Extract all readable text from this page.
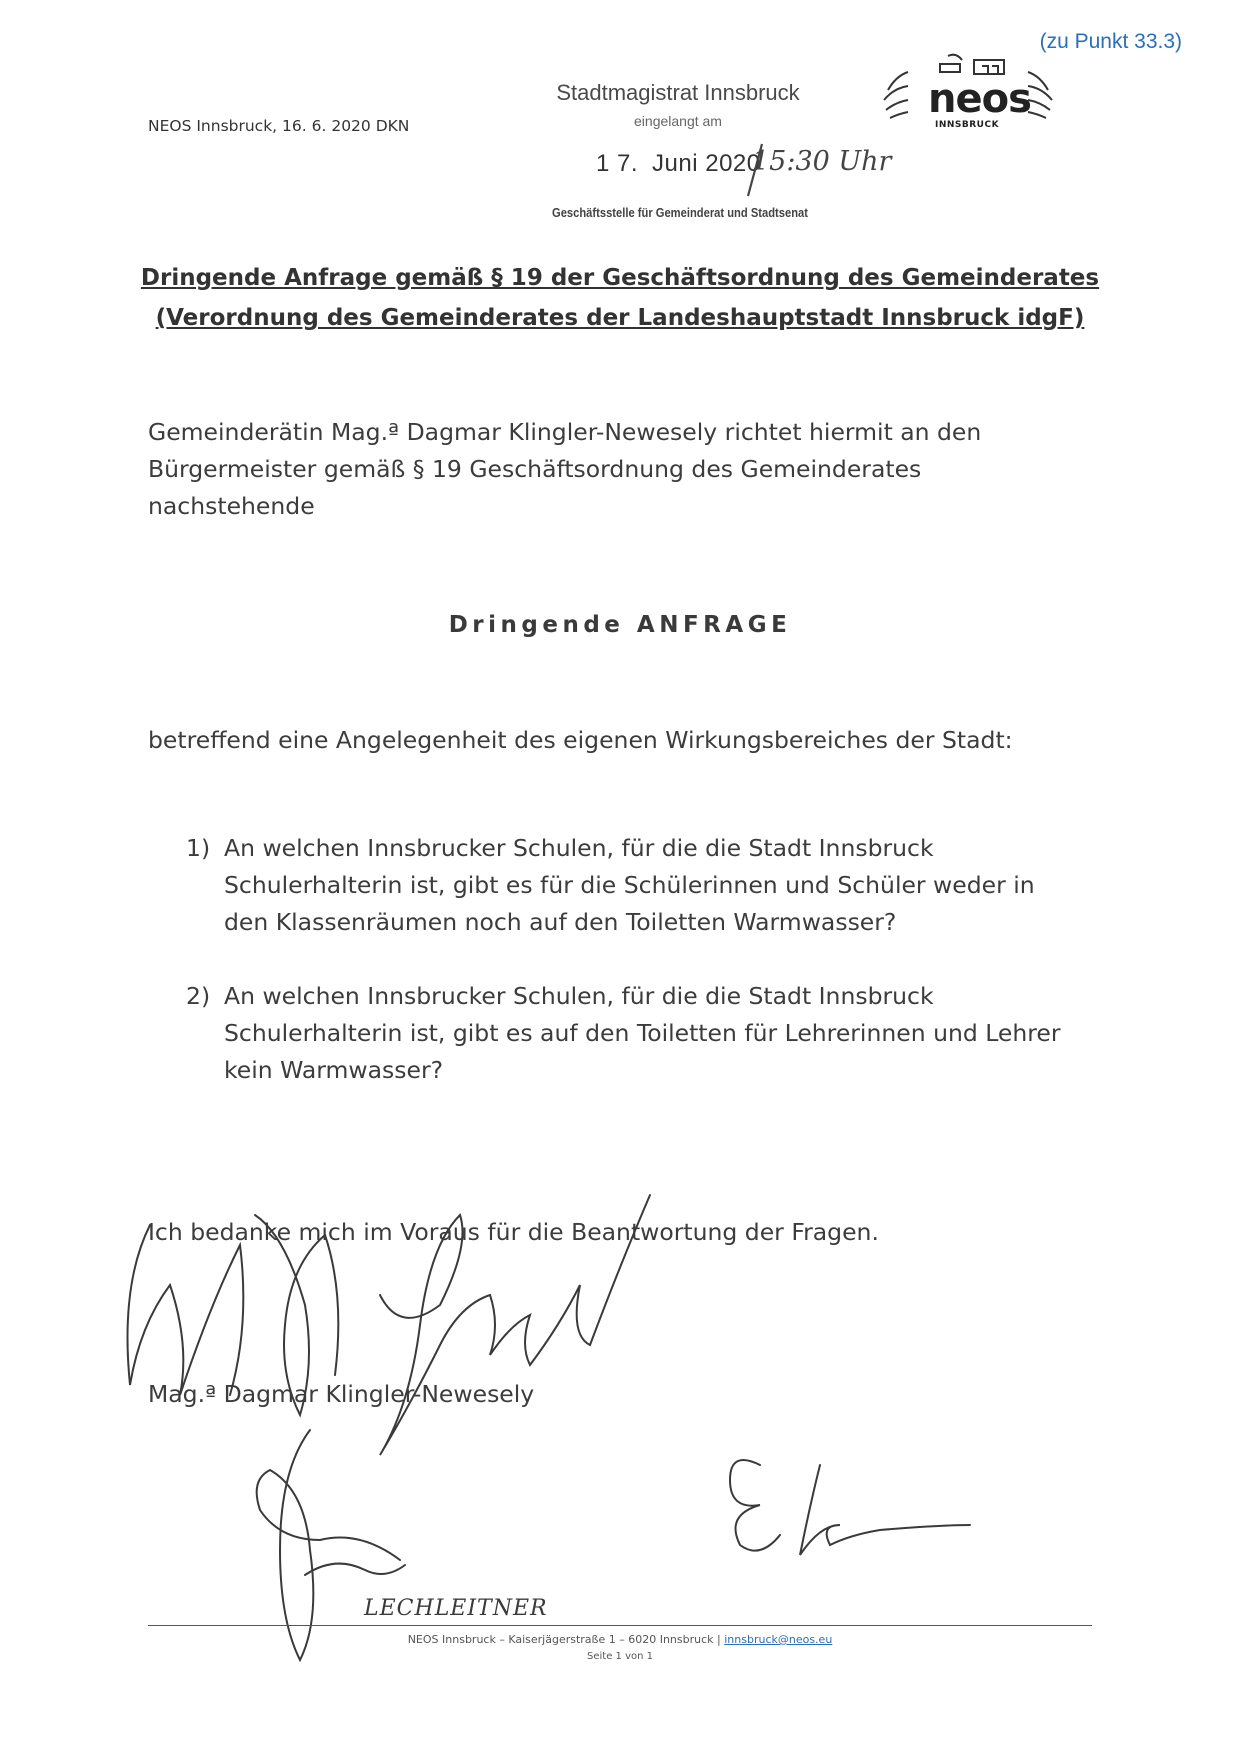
(zu Punkt 33.3)
NEOS Innsbruck, 16. 6. 2020 DKN
Stadtmagistrat Innsbruck
eingelangt am
1 7. Juni 2020
15:30 Uhr
Geschäftsstelle für Gemeinderat und Stadtsenat
neos
INNSBRUCK
Dringende Anfrage gemäß § 19 der Geschäftsordnung des Gemeinderates
(Verordnung des Gemeinderates der Landeshauptstadt Innsbruck idgF)
Gemeinderätin Mag.ª Dagmar Klingler-Newesely richtet hiermit an den
Bürgermeister gemäß § 19 Geschäftsordnung des Gemeinderates
nachstehende
Dringende ANFRAGE
betreffend eine Angelegenheit des eigenen Wirkungsbereiches der Stadt:
1) An welchen Innsbrucker Schulen, für die die Stadt Innsbruck
Schulerhalterin ist, gibt es für die Schülerinnen und Schüler weder in
den Klassenräumen noch auf den Toiletten Warmwasser?
2) An welchen Innsbrucker Schulen, für die die Stadt Innsbruck
Schulerhalterin ist, gibt es auf den Toiletten für Lehrerinnen und Lehrer
kein Warmwasser?
Ich bedanke mich im Voraus für die Beantwortung der Fragen.
Mag.ª Dagmar Klingler-Newesely
LECHLEITNER
NEOS Innsbruck – Kaiserjägerstraße 1 – 6020 Innsbruck | innsbruck@neos.eu
Seite 1 von 1
